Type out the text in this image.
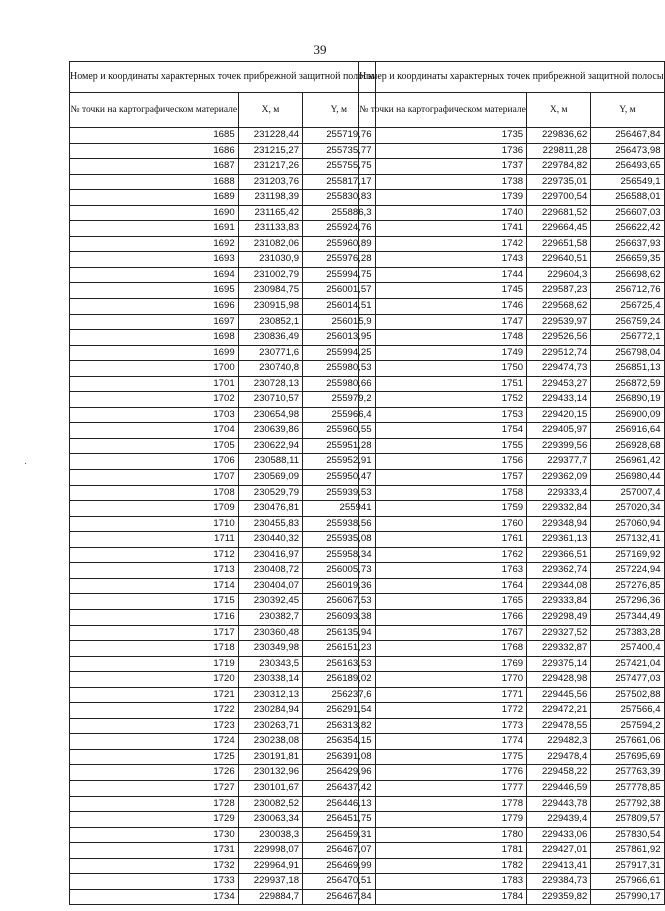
39
·
Номер и координаты характерных точек прибрежной защитной полосы		
№ точки на картографическом материале	X, м	Y, м
1685	231228,44	255719,76
1686	231215,27	255735,77
1687	231217,26	255755,75
1688	231203,76	255817,17
1689	231198,39	255830,83
1690	231165,42	255886,3
1691	231133,83	255924,76
1692	231082,06	255960,89
1693	231030,9	255976,28
1694	231002,79	255994,75
1695	230984,75	256001,57
1696	230915,98	256014,51
1697	230852,1	256015,9
1698	230836,49	256013,95
1699	230771,6	255994,25
1700	230740,8	255980,53
1701	230728,13	255980,66
1702	230710,57	255979,2
1703	230654,98	255966,4
1704	230639,86	255960,55
1705	230622,94	255951,28
1706	230588,11	255952,91
1707	230569,09	255950,47
1708	230529,79	255939,53
1709	230476,81	255941
1710	230455,83	255938,56
1711	230440,32	255935,08
1712	230416,97	255958,34
1713	230408,72	256005,73
1714	230404,07	256019,36
1715	230392,45	256067,53
1716	230382,7	256093,38
1717	230360,48	256135,94
1718	230349,98	256151,23
1719	230343,5	256163,53
1720	230338,14	256189,02
1721	230312,13	256237,6
1722	230284,94	256291,54
1723	230263,71	256313,82
1724	230238,08	256354,15
1725	230191,81	256391,08
1726	230132,96	256429,96
1727	230101,67	256437,42
1728	230082,52	256446,13
1729	230063,34	256451,75
1730	230038,3	256459,31
1731	229998,07	256467,07
1732	229964,91	256469,99
1733	229937,18	256470,51
1734	229884,7	256467,84
Номер и координаты характерных точек прибрежной защитной полосы		
№ точки на картографическом материале	X, м	Y, м
1735	229836,62	256467,84
1736	229811,28	256473,98
1737	229784,82	256493,65
1738	229735,01	256549,1
1739	229700,54	256588,01
1740	229681,52	256607,03
1741	229664,45	256622,42
1742	229651,58	256637,93
1743	229640,51	256659,35
1744	229604,3	256698,62
1745	229587,23	256712,76
1746	229568,62	256725,4
1747	229539,97	256759,24
1748	229526,56	256772,1
1749	229512,74	256798,04
1750	229474,73	256851,13
1751	229453,27	256872,59
1752	229433,14	256890,19
1753	229420,15	256900,09
1754	229405,97	256916,64
1755	229399,56	256928,68
1756	229377,7	256961,42
1757	229362,09	256980,44
1758	229333,4	257007,4
1759	229332,84	257020,34
1760	229348,94	257060,94
1761	229361,13	257132,41
1762	229366,51	257169,92
1763	229362,74	257224,94
1764	229344,08	257276,85
1765	229333,84	257296,36
1766	229298,49	257344,49
1767	229327,52	257383,28
1768	229332,87	257400,4
1769	229375,14	257421,04
1770	229428,98	257477,03
1771	229445,56	257502,88
1772	229472,21	257566,4
1773	229478,55	257594,2
1774	229482,3	257661,06
1775	229478,4	257695,69
1776	229458,22	257763,39
1777	229446,59	257778,85
1778	229443,78	257792,38
1779	229439,4	257809,57
1780	229433,06	257830,54
1781	229427,01	257861,92
1782	229413,41	257917,31
1783	229384,73	257966,61
1784	229359,82	257990,17
